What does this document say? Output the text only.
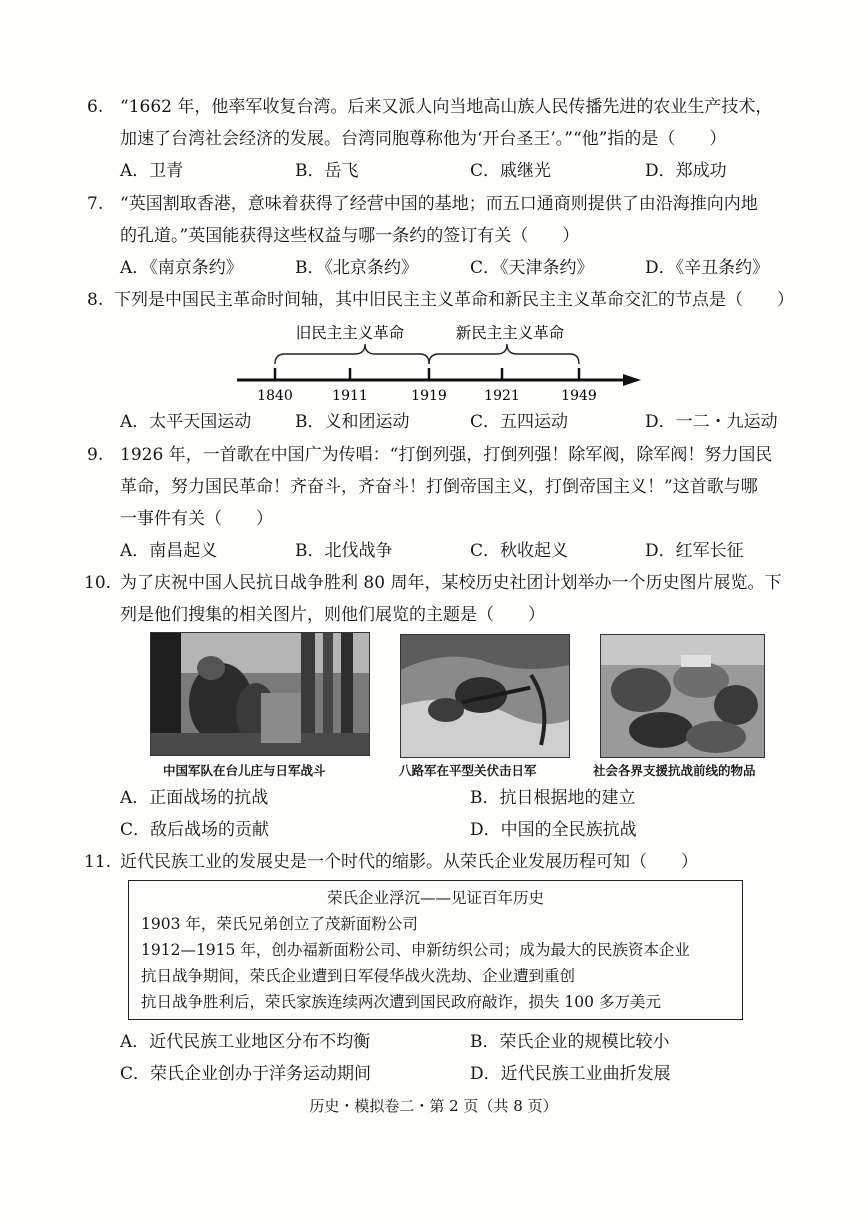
6. “1662 年，他率军收复台湾。后来又派人向当地高山族人民传播先进的农业生产技术，
加速了台湾社会经济的发展。台湾同胞尊称他为‘开台圣王’。”“他”指的是（　　）
A．卫青	B．岳飞	C．戚继光	D．郑成功
7. “英国割取香港，意味着获得了经营中国的基地；而五口通商则提供了由沿海推向内地
的孔道。”英国能获得这些权益与哪一条约的签订有关（　　）
A．《南京条约》	B．《北京条约》	C．《天津条约》	D．《辛丑条约》
8. 下列是中国民主革命时间轴，其中旧民主主义革命和新民主主义革命交汇的节点是（　　）
旧民主主义革命	新民主主义革命
1840	1911	1919	1921	1949
A．太平天国运动	B．义和团运动	C．五四运动	D．一二・九运动
9. 1926 年，一首歌在中国广为传唱：“打倒列强，打倒列强！除军阀，除军阀！努力国民
革命，努力国民革命！齐奋斗，齐奋斗！打倒帝国主义，打倒帝国主义！”这首歌与哪
一事件有关（　　）
A．南昌起义	B．北伐战争	C．秋收起义	D．红军长征
10. 为了庆祝中国人民抗日战争胜利 80 周年，某校历史社团计划举办一个历史图片展览。下
列是他们搜集的相关图片，则他们展览的主题是（　　）
中国军队在台儿庄与日军战斗	八路军在平型关伏击日军	社会各界支援抗战前线的物品
A．正面战场的抗战	B．抗日根据地的建立
C．敌后战场的贡献	D．中国的全民族抗战
11. 近代民族工业的发展史是一个时代的缩影。从荣氏企业发展历程可知（　　）
荣氏企业浮沉——见证百年历史
1903 年，荣氏兄弟创立了茂新面粉公司
1912—1915 年，创办福新面粉公司、申新纺织公司；成为最大的民族资本企业
抗日战争期间，荣氏企业遭到日军侵华战火洗劫、企业遭到重创
抗日战争胜利后，荣氏家族连续两次遭到国民政府敲诈，损失 100 多万美元
A．近代民族工业地区分布不均衡	B．荣氏企业的规模比较小
C．荣氏企业创办于洋务运动期间	D．近代民族工业曲折发展
历史・模拟卷二・第 2 页（共 8 页）
